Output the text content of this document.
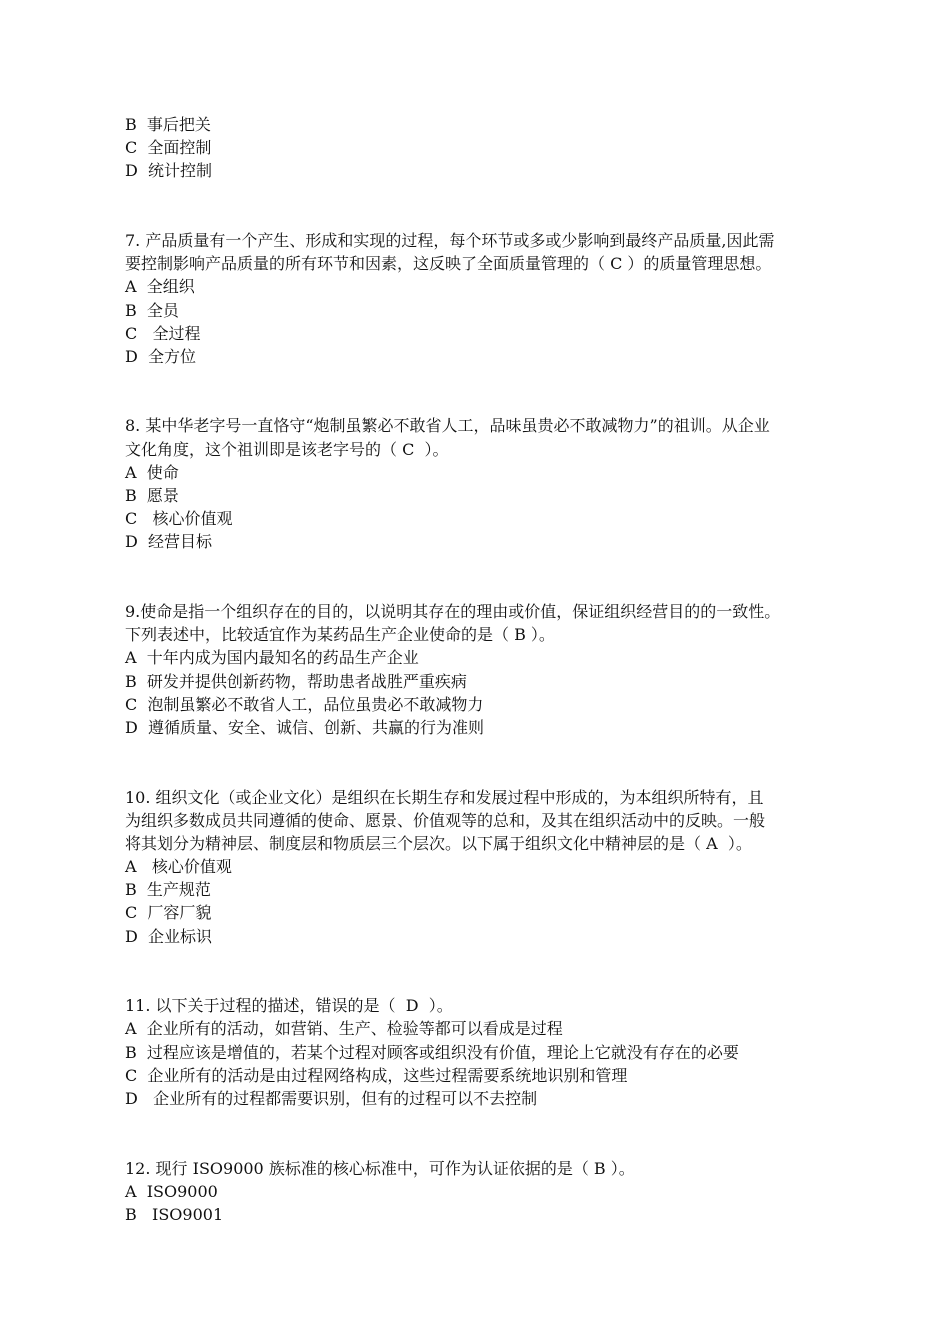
B  事后把关
C  全面控制
D  统计控制
7. 产品质量有一个产生、形成和实现的过程，每个环节或多或少影响到最终产品质量,因此需
要控制影响产品质量的所有环节和因素，这反映了全面质量管理的（ C ）的质量管理思想。
A  全组织
B  全员
C   全过程
D  全方位
8. 某中华老字号一直恪守“炮制虽繁必不敢省人工，品味虽贵必不敢减物力”的祖训。从企业
文化角度，这个祖训即是该老字号的（ C  ）。
A  使命
B  愿景
C   核心价值观
D  经营目标
9.使命是指一个组织存在的目的，以说明其存在的理由或价值，保证组织经营目的的一致性。
下列表述中，比较适宜作为某药品生产企业使命的是（ B ）。
A  十年内成为国内最知名的药品生产企业
B  研发并提供创新药物，帮助患者战胜严重疾病
C  泡制虽繁必不敢省人工，品位虽贵必不敢减物力
D  遵循质量、安全、诚信、创新、共赢的行为准则
10. 组织文化（或企业文化）是组织在长期生存和发展过程中形成的，为本组织所特有，且
为组织多数成员共同遵循的使命、愿景、价值观等的总和，及其在组织活动中的反映。一般
将其划分为精神层、制度层和物质层三个层次。以下属于组织文化中精神层的是（ A  ）。
A   核心价值观
B  生产规范
C  厂容厂貌
D  企业标识
11. 以下关于过程的描述，错误的是（  D  ）。
A  企业所有的活动，如营销、生产、检验等都可以看成是过程
B  过程应该是增值的，若某个过程对顾客或组织没有价值，理论上它就没有存在的必要
C  企业所有的活动是由过程网络构成，这些过程需要系统地识别和管理
D   企业所有的过程都需要识别，但有的过程可以不去控制
12. 现行 ISO9000 族标准的核心标准中，可作为认证依据的是（ B ）。
A  ISO9000
B   ISO9001
